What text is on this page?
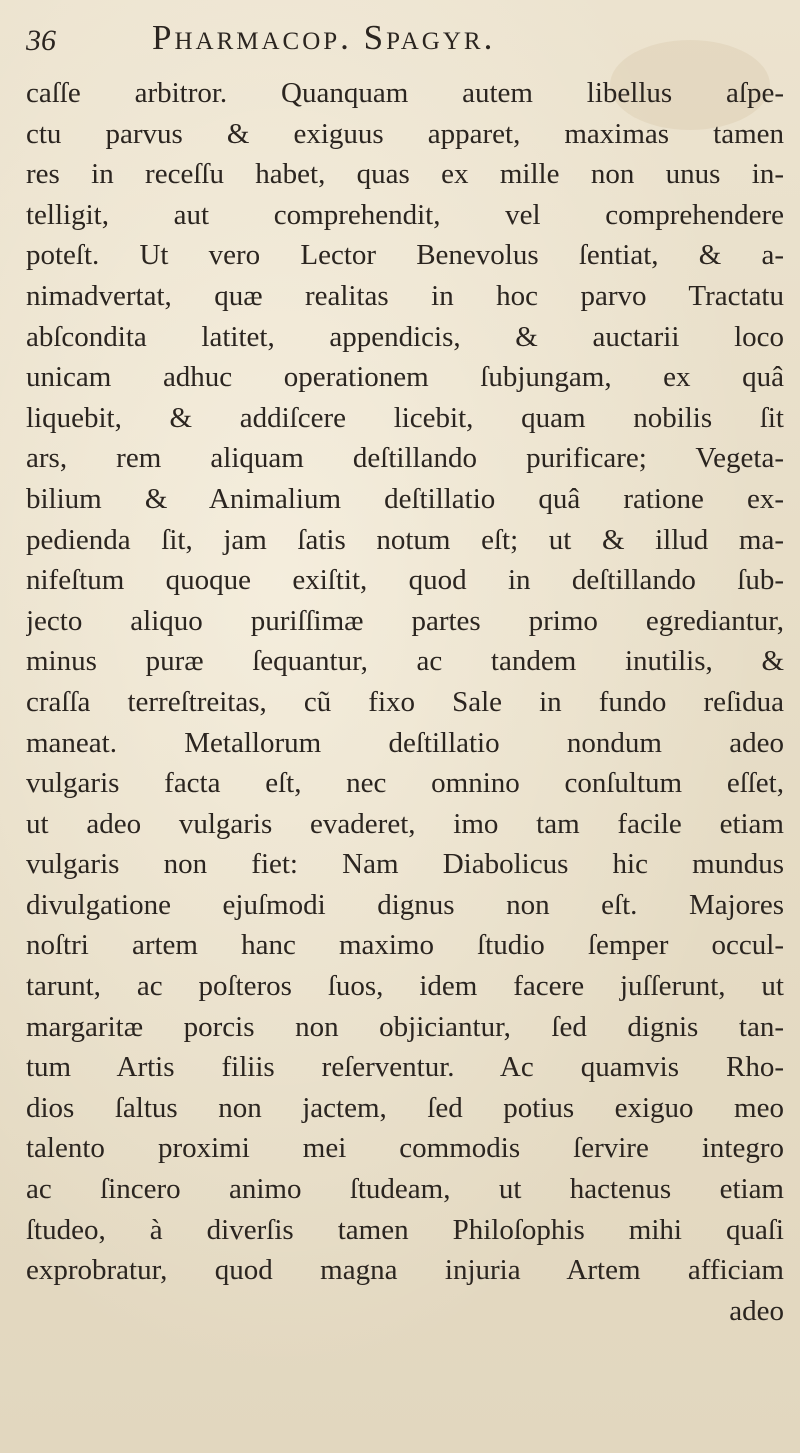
36	Pharmacop. Spagyr.
caſſe arbitror. Quanquam autem libellus aſpe-
ctu parvus & exiguus apparet, maximas tamen
res in receſſu habet, quas ex mille non unus in-
telligit, aut comprehendit, vel comprehendere
poteſt. Ut vero Lector Benevolus ſentiat, & a-
nimadvertat, quæ realitas in hoc parvo Tractatu
abſcondita latitet, appendicis, & auctarii loco
unicam adhuc operationem ſubjungam, ex quâ
liquebit, & addiſcere licebit, quam nobilis ſit
ars, rem aliquam deſtillando purificare; Vegeta-
bilium & Animalium deſtillatio quâ ratione ex-
pedienda ſit, jam ſatis notum eſt; ut & illud ma-
nifeſtum quoque exiſtit, quod in deſtillando ſub-
jecto aliquo puriſſimæ partes primo egrediantur,
minus puræ ſequantur, ac tandem inutilis, &
craſſa terreſtreitas, cũ fixo Sale in fundo reſidua
maneat. Metallorum deſtillatio nondum adeo
vulgaris facta eſt, nec omnino conſultum eſſet,
ut adeo vulgaris evaderet, imo tam facile etiam
vulgaris non fiet: Nam Diabolicus hic mundus
divulgatione ejuſmodi dignus non eſt. Majores
noſtri artem hanc maximo ſtudio ſemper occul-
tarunt, ac poſteros ſuos, idem facere juſſerunt, ut
margaritæ porcis non objiciantur, ſed dignis tan-
tum Artis filiis reſerventur. Ac quamvis Rho-
dios ſaltus non jactem, ſed potius exiguo meo
talento proximi mei commodis ſervire integro
ac ſincero animo ſtudeam, ut hactenus etiam
ſtudeo, à diverſis tamen Philoſophis mihi quaſi
exprobratur, quod magna injuria Artem afficiam
adeo
